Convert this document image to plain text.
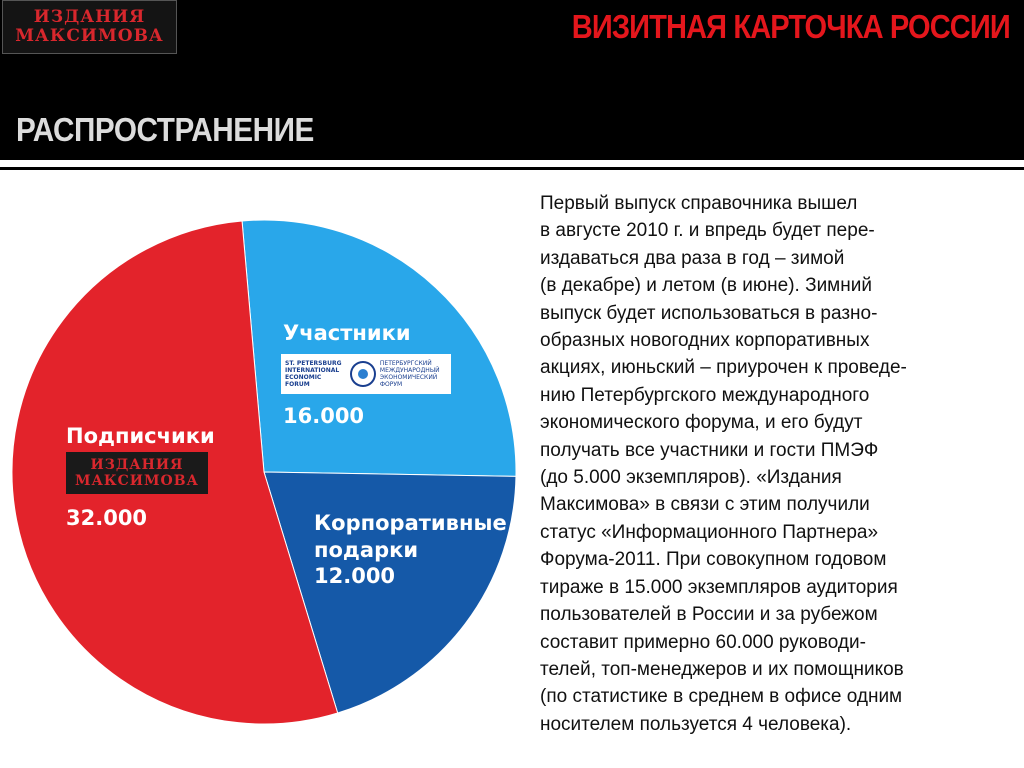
ИЗДАНИЯ
МАКСИМОВА	ВИЗИТНАЯ КАРТОЧКА РОССИИ
РАСПРОСТРАНЕНИЕ
Участники
16.000
Корпоративные подарки
12.000
Подписчики
32.000
ST. PETERSBURG
INTERNATIONAL
ECONOMIC
FORUM
ПЕТЕРБУРГСКИЙ
МЕЖДУНАРОДНЫЙ
ЭКОНОМИЧЕСКИЙ
ФОРУМ
ИЗДАНИЯ
МАКСИМОВА
Первый выпуск справочника вышел
в августе 2010 г. и впредь будет пере-
издаваться два раза в год – зимой
(в декабре) и летом (в июне). Зимний
выпуск будет использоваться в разно-
образных новогодних корпоративных
акциях, июньский – приурочен к проведе-
нию Петербургского международного
экономического форума, и его будут
получать все участники и гости ПМЭФ
(до 5.000 экземпляров). «Издания
Максимова» в связи с этим получили
статус «Информационного Партнера»
Форума-2011. При совокупном годовом
тираже в 15.000 экземпляров аудитория
пользователей в России и за рубежом
составит примерно 60.000 руководи-
телей, топ-менеджеров и их помощников
(по статистике в среднем в офисе одним
носителем пользуется 4 человека).
